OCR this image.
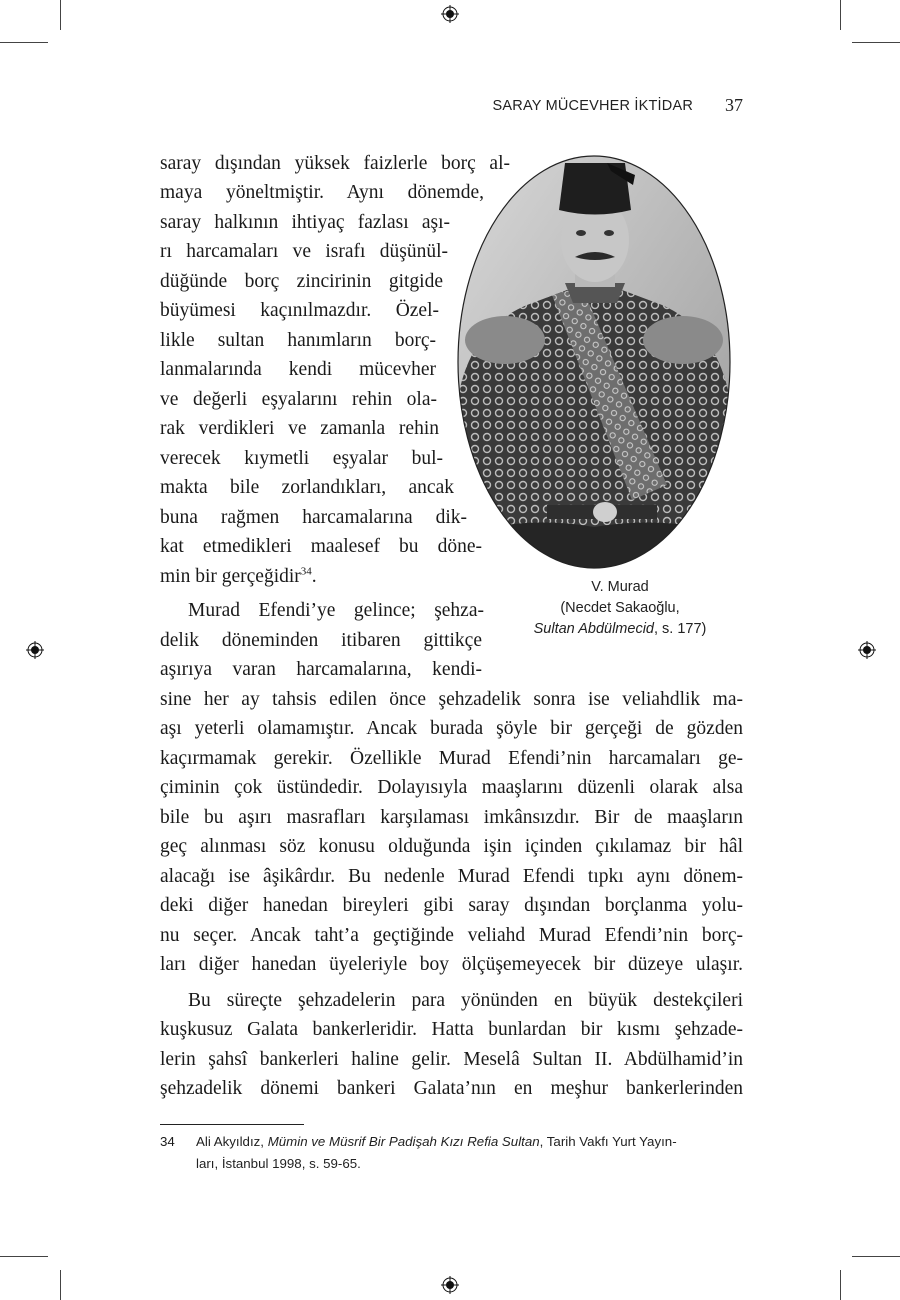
SARAY MÜCEVHER İKTİDAR 37
V. Murad
(Necdet Sakaoğlu,
Sultan Abdülmecid, s. 177)
saray dışından yüksek faizlerle borç al-
maya yöneltmiştir. Aynı dönemde,
saray halkının ihtiyaç fazlası aşı-
rı harcamaları ve israfı düşünül-
düğünde borç zincirinin gitgide
büyümesi kaçınılmazdır. Özel-
likle sultan hanımların borç-
lanmalarında kendi mücevher
ve değerli eşyalarını rehin ola-
rak verdikleri ve zamanla rehin
verecek kıymetli eşyalar bul-
makta bile zorlandıkları, ancak
buna rağmen harcamalarına dik-
kat etmedikleri maalesef bu döne-
min bir gerçeğidir$^{34}$.
Murad Efendi’ye gelince; şehza-
delik döneminden itibaren gittikçe
aşırıya varan harcamalarına, kendi-
sine her ay tahsis edilen önce şehzadelik sonra ise veliahdlik ma-
aşı yeterli olamamıştır. Ancak burada şöyle bir gerçeği de gözden
kaçırmamak gerekir. Özellikle Murad Efendi’nin harcamaları ge-
çiminin çok üstündedir. Dolayısıyla maaşlarını düzenli olarak alsa
bile bu aşırı masrafları karşılaması imkânsızdır. Bir de maaşların
geç alınması söz konusu olduğunda işin içinden çıkılamaz bir hâl
alacağı ise âşikârdır. Bu nedenle Murad Efendi tıpkı aynı dönem-
deki diğer hanedan bireyleri gibi saray dışından borçlanma yolu-
nu seçer. Ancak taht’a geçtiğinde veliahd Murad Efendi’nin borç-
ları diğer hanedan üyeleriyle boy ölçüşemeyecek bir düzeye ulaşır.
Bu süreçte şehzadelerin para yönünden en büyük destekçileri
kuşkusuz Galata bankerleridir. Hatta bunlardan bir kısmı şehzade-
lerin şahsî bankerleri haline gelir. Meselâ Sultan II. Abdülhamid’in
şehzadelik dönemi bankeri Galata’nın en meşhur bankerlerinden
34 Ali Akyıldız, Mümin ve Müsrif Bir Padişah Kızı Refia Sultan, Tarih Vakfı Yurt Yayın-
ları, İstanbul 1998, s. 59-65.
